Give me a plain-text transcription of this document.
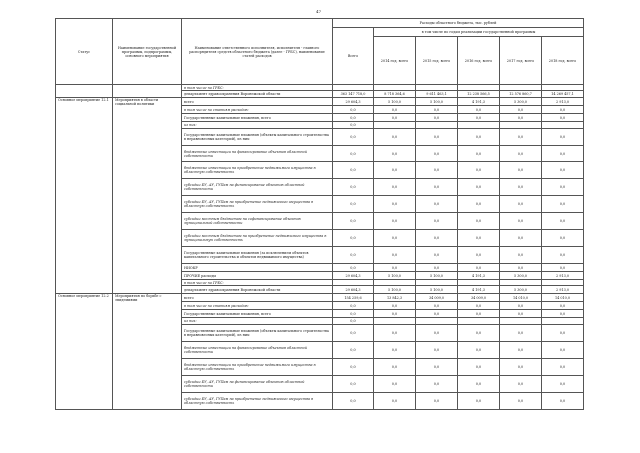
47
Статус	Наименование государственной программы, подпрограммы, основного мероприятия	Наименование ответственного исполнителя, исполнителя - главного распорядителя средств областного бюджета (далее - ГРБС), наименование статей расходов	Расходы областного бюджета, тыс. рублей					
			Всего	в том числе по годам реализации государственной программы				
				2014 год, всего	2015 год, всего	2016 год, всего	2017 год, всего	2018 год, всего
		в том числе по ГРБС:						
		департамент здравоохранения Воронежской области	363 147 718,0	8 718 364,6	9 611 463,1	12 238 566,5	12 576 860,7	14 269 457,1
Основное мероприятие 12.1	Мероприятия в области социальной политики	всего	29 604,3	5 100,0	5 100,0	4 191,3	5 300,0	2 913,0
		в том числе по статьям расходов:	0,0	0,0	0,0	0,0	0,0	0,0
		Государственные капитальные вложения, всего	0,0	0,0	0,0	0,0	0,0	0,0
		из них:	0,0					
		Государственные капитальные вложения (объекты капитального строительства в неравновесных категорий), из них:	0,0	0,0	0,0	0,0	0,0	0,0
		бюджетные инвестиции на финансирование объектов областной собственности	0,0	0,0	0,0	0,0	0,0	0,0
		бюджетные инвестиции на приобретение недвижимого имущества в областную собственность	0,0	0,0	0,0	0,0	0,0	0,0
		субсидии БУ, АУ, ГУПам на финансирование объектов областной собственности	0,0	0,0	0,0	0,0	0,0	0,0
		субсидии БУ, АУ, ГУПам на приобретение недвижимого имущества в областную собственность	0,0	0,0	0,0	0,0	0,0	0,0
		субсидии местным бюджетам на софинансирование объектов муниципальной собственности	0,0	0,0	0,0	0,0	0,0	0,0
		субсидии местным бюджетам на приобретение недвижимого имущества в муниципальную собственность	0,0	0,0	0,0	0,0	0,0	0,0
		Государственные капитальные вложения (за исключением объектов капитального строительства и объектов недвижимого имущества)	0,0	0,0	0,0	0,0	0,0	0,0
		НИОКР	0,0	0,0	0,0	0,0	0,0	0,0
		ПРОЧИЕ расходы	29 604,3	5 100,0	5 100,0	4 191,3	5 300,0	2 913,0
		в том числе по ГРБС:						
		департамент здравоохранения Воронежской области	29 604,3	5 100,0	5 100,0	4 191,3	5 300,0	2 913,0
Основное мероприятие 12.2	Мероприятия по борьбе с эпидемиями	всего	154 259,6	13 842,3	34 009,0	34 009,0	14 010,0	14 010,0
		в том числе по статьям расходов:	0,0	0,0	0,0	0,0	0,0	0,0
		Государственные капитальные вложения, всего	0,0	0,0	0,0	0,0	0,0	0,0
		из них:	0,0					
		Государственные капитальные вложения (объекты капитального строительства в неравновесных категорий), из них:	0,0	0,0	0,0	0,0	0,0	0,0
		бюджетные инвестиции на финансирование объектов областной собственности	0,0	0,0	0,0	0,0	0,0	0,0
		бюджетные инвестиции на приобретение недвижимого имущества в областную собственность	0,0	0,0	0,0	0,0	0,0	0,0
		субсидии БУ, АУ, ГУПам на финансирование объектов областной собственности	0,0	0,0	0,0	0,0	0,0	0,0
		субсидии БУ, АУ, ГУПам на приобретение недвижимого имущества в областную собственность	0,0	0,0	0,0	0,0	0,0	0,0
